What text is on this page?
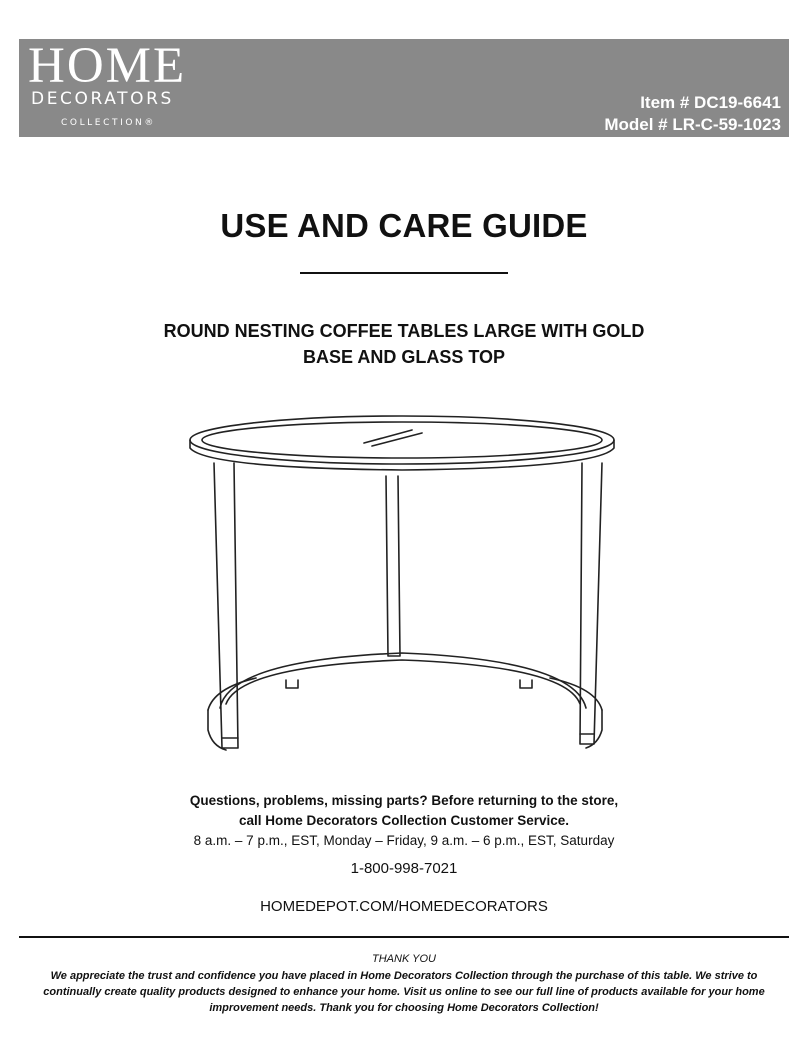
HOME
DECORATORS
COLLECTION®
Item # DC19-6641
Model # LR-C-59-1023
USE AND CARE GUIDE
ROUND NESTING COFFEE TABLES LARGE WITH GOLD
BASE AND GLASS TOP
Questions, problems, missing parts? Before returning to the store,
call Home Decorators Collection Customer Service.
8 a.m. – 7 p.m., EST, Monday – Friday, 9 a.m. – 6 p.m., EST, Saturday
1-800-998-7021
HOMEDEPOT.COM/HOMEDECORATORS
THANK YOU

We appreciate the trust and confidence you have placed in Home Decorators Collection through the purchase of this table. We strive to continually create quality products designed to enhance your home. Visit us online to see our full line of products available for your home improvement needs. Thank you for choosing Home Decorators Collection!
